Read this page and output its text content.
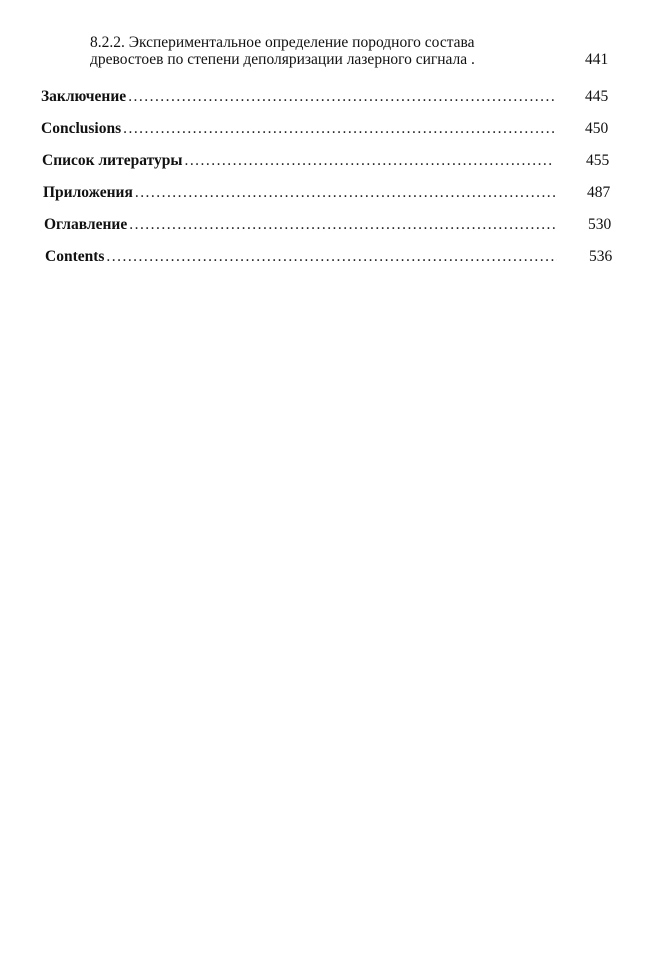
8.2.2. Экспериментальное определение породного состава
древостоев по степени деполяризации лазерного сигнала .	441
Заключение . . .	445
Conclusions . . .	450
Список литературы . . .	455
Приложения . . .	487
Оглавление . . .	530
Contents . . .	536
